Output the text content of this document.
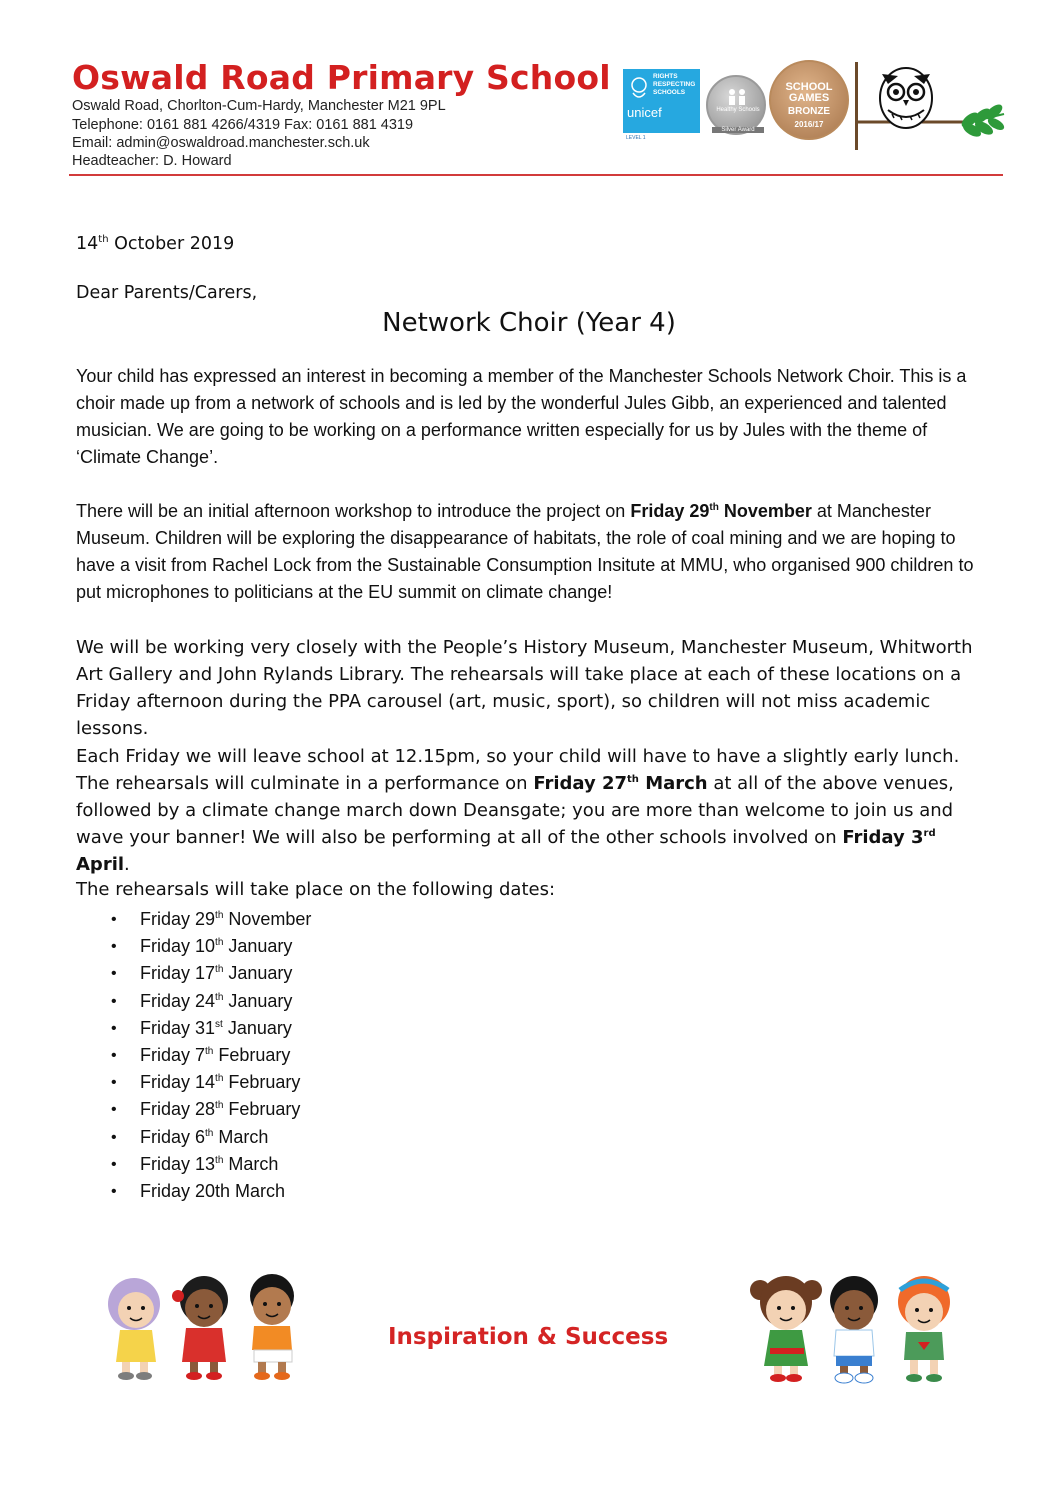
Oswald Road Primary School
Oswald Road, Chorlton-Cum-Hardy, Manchester M21 9PL
Telephone: 0161 881 4266/4319 Fax: 0161 881 4319
Email: admin@oswaldroad.manchester.sch.uk
Headteacher: D. Howard
RIGHTS
RESPECTING
SCHOOLS
unicef
LEVEL 1
Healthy Schools
Silver Award
SCHOOL
GAMES
BRONZE
2016/17
14th October 2019
Dear Parents/Carers,
Network Choir (Year 4)

Your child has expressed an interest in becoming a member of the Manchester Schools Network Choir. This is a choir made up from a network of schools and is led by the wonderful Jules Gibb, an experienced and talented musician. We are going to be working on a performance written especially for us by Jules with the theme of ‘Climate Change’.

There will be an initial afternoon workshop to introduce the project on Friday 29th November at Manchester Museum. Children will be exploring the disappearance of habitats, the role of coal mining and we are hoping to have a visit from Rachel Lock from the Sustainable Consumption Insitute at MMU, who organised 900 children to put microphones to politicians at the EU summit on climate change!

We will be working very closely with the People’s History Museum, Manchester Museum, Whitworth Art Gallery and John Rylands Library. The rehearsals will take place at each of these locations on a Friday afternoon during the PPA carousel (art, music, sport), so children will not miss academic lessons.

Each Friday we will leave school at 12.15pm, so your child will have to have a slightly early lunch. The rehearsals will culminate in a performance on Friday 27th March at all of the above venues, followed by a climate change march down Deansgate; you are more than welcome to join us and wave your banner! We will also be performing at all of the other schools involved on Friday 3rd April.

The rehearsals will take place on the following dates:
• Friday 29th November
• Friday 10th January
• Friday 17th January
• Friday 24th January
• Friday 31st January
• Friday 7th February
• Friday 14th February
• Friday 28th February
• Friday 6th March
• Friday 13th March
• Friday 20th March
Inspiration & Success
